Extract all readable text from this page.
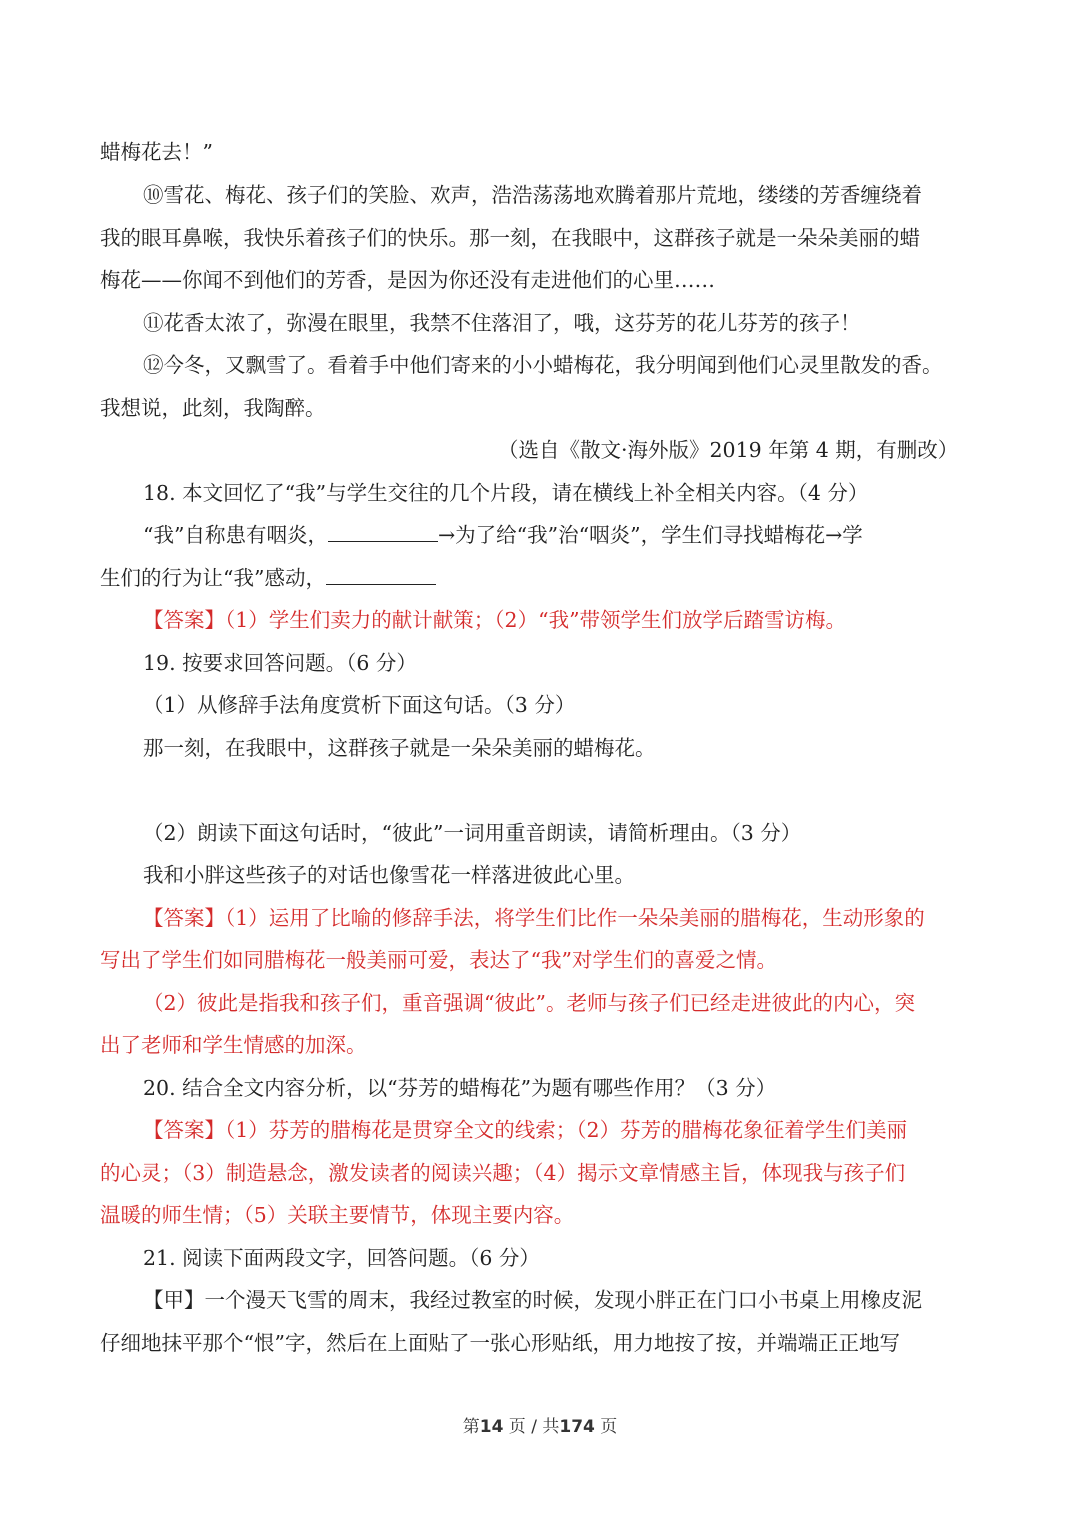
蜡梅花去！”
⑩雪花、梅花、孩子们的笑脸、欢声，浩浩荡荡地欢腾着那片荒地，缕缕的芳香缠绕着
我的眼耳鼻喉，我快乐着孩子们的快乐。那一刻，在我眼中，这群孩子就是一朵朵美丽的蜡
梅花——你闻不到他们的芳香，是因为你还没有走进他们的心里……
⑪花香太浓了，弥漫在眼里，我禁不住落泪了，哦，这芬芳的花儿芬芳的孩子！
⑫今冬，又飘雪了。看着手中他们寄来的小小蜡梅花，我分明闻到他们心灵里散发的香。
我想说，此刻，我陶醉。
（选自《散文·海外版》2019 年第 4 期，有删改）
18. 本文回忆了“我”与学生交往的几个片段，请在横线上补全相关内容。（4 分）
“我”自称患有咽炎，	→为了给“我”治“咽炎”，学生们寻找蜡梅花→学
生们的行为让“我”感动，
【答案】（1）学生们卖力的献计献策；（2）“我”带领学生们放学后踏雪访梅。
19. 按要求回答问题。（6 分）
（1）从修辞手法角度赏析下面这句话。（3 分）
那一刻，在我眼中，这群孩子就是一朵朵美丽的蜡梅花。
（2）朗读下面这句话时，“彼此”一词用重音朗读，请简析理由。（3 分）
我和小胖这些孩子的对话也像雪花一样落进彼此心里。
【答案】（1）运用了比喻的修辞手法，将学生们比作一朵朵美丽的腊梅花，生动形象的
写出了学生们如同腊梅花一般美丽可爱，表达了“我”对学生们的喜爱之情。
（2）彼此是指我和孩子们，重音强调“彼此”。老师与孩子们已经走进彼此的内心，突
出了老师和学生情感的加深。
20. 结合全文内容分析，以“芬芳的蜡梅花”为题有哪些作用？（3 分）
【答案】（1）芬芳的腊梅花是贯穿全文的线索；（2）芬芳的腊梅花象征着学生们美丽
的心灵；（3）制造悬念，激发读者的阅读兴趣；（4）揭示文章情感主旨，体现我与孩子们
温暖的师生情；（5）关联主要情节，体现主要内容。
21. 阅读下面两段文字，回答问题。（6 分）
【甲】一个漫天飞雪的周末，我经过教室的时候，发现小胖正在门口小书桌上用橡皮泥
仔细地抹平那个“恨”字，然后在上面贴了一张心形贴纸，用力地按了按，并端端正正地写
第14 页 / 共174 页
